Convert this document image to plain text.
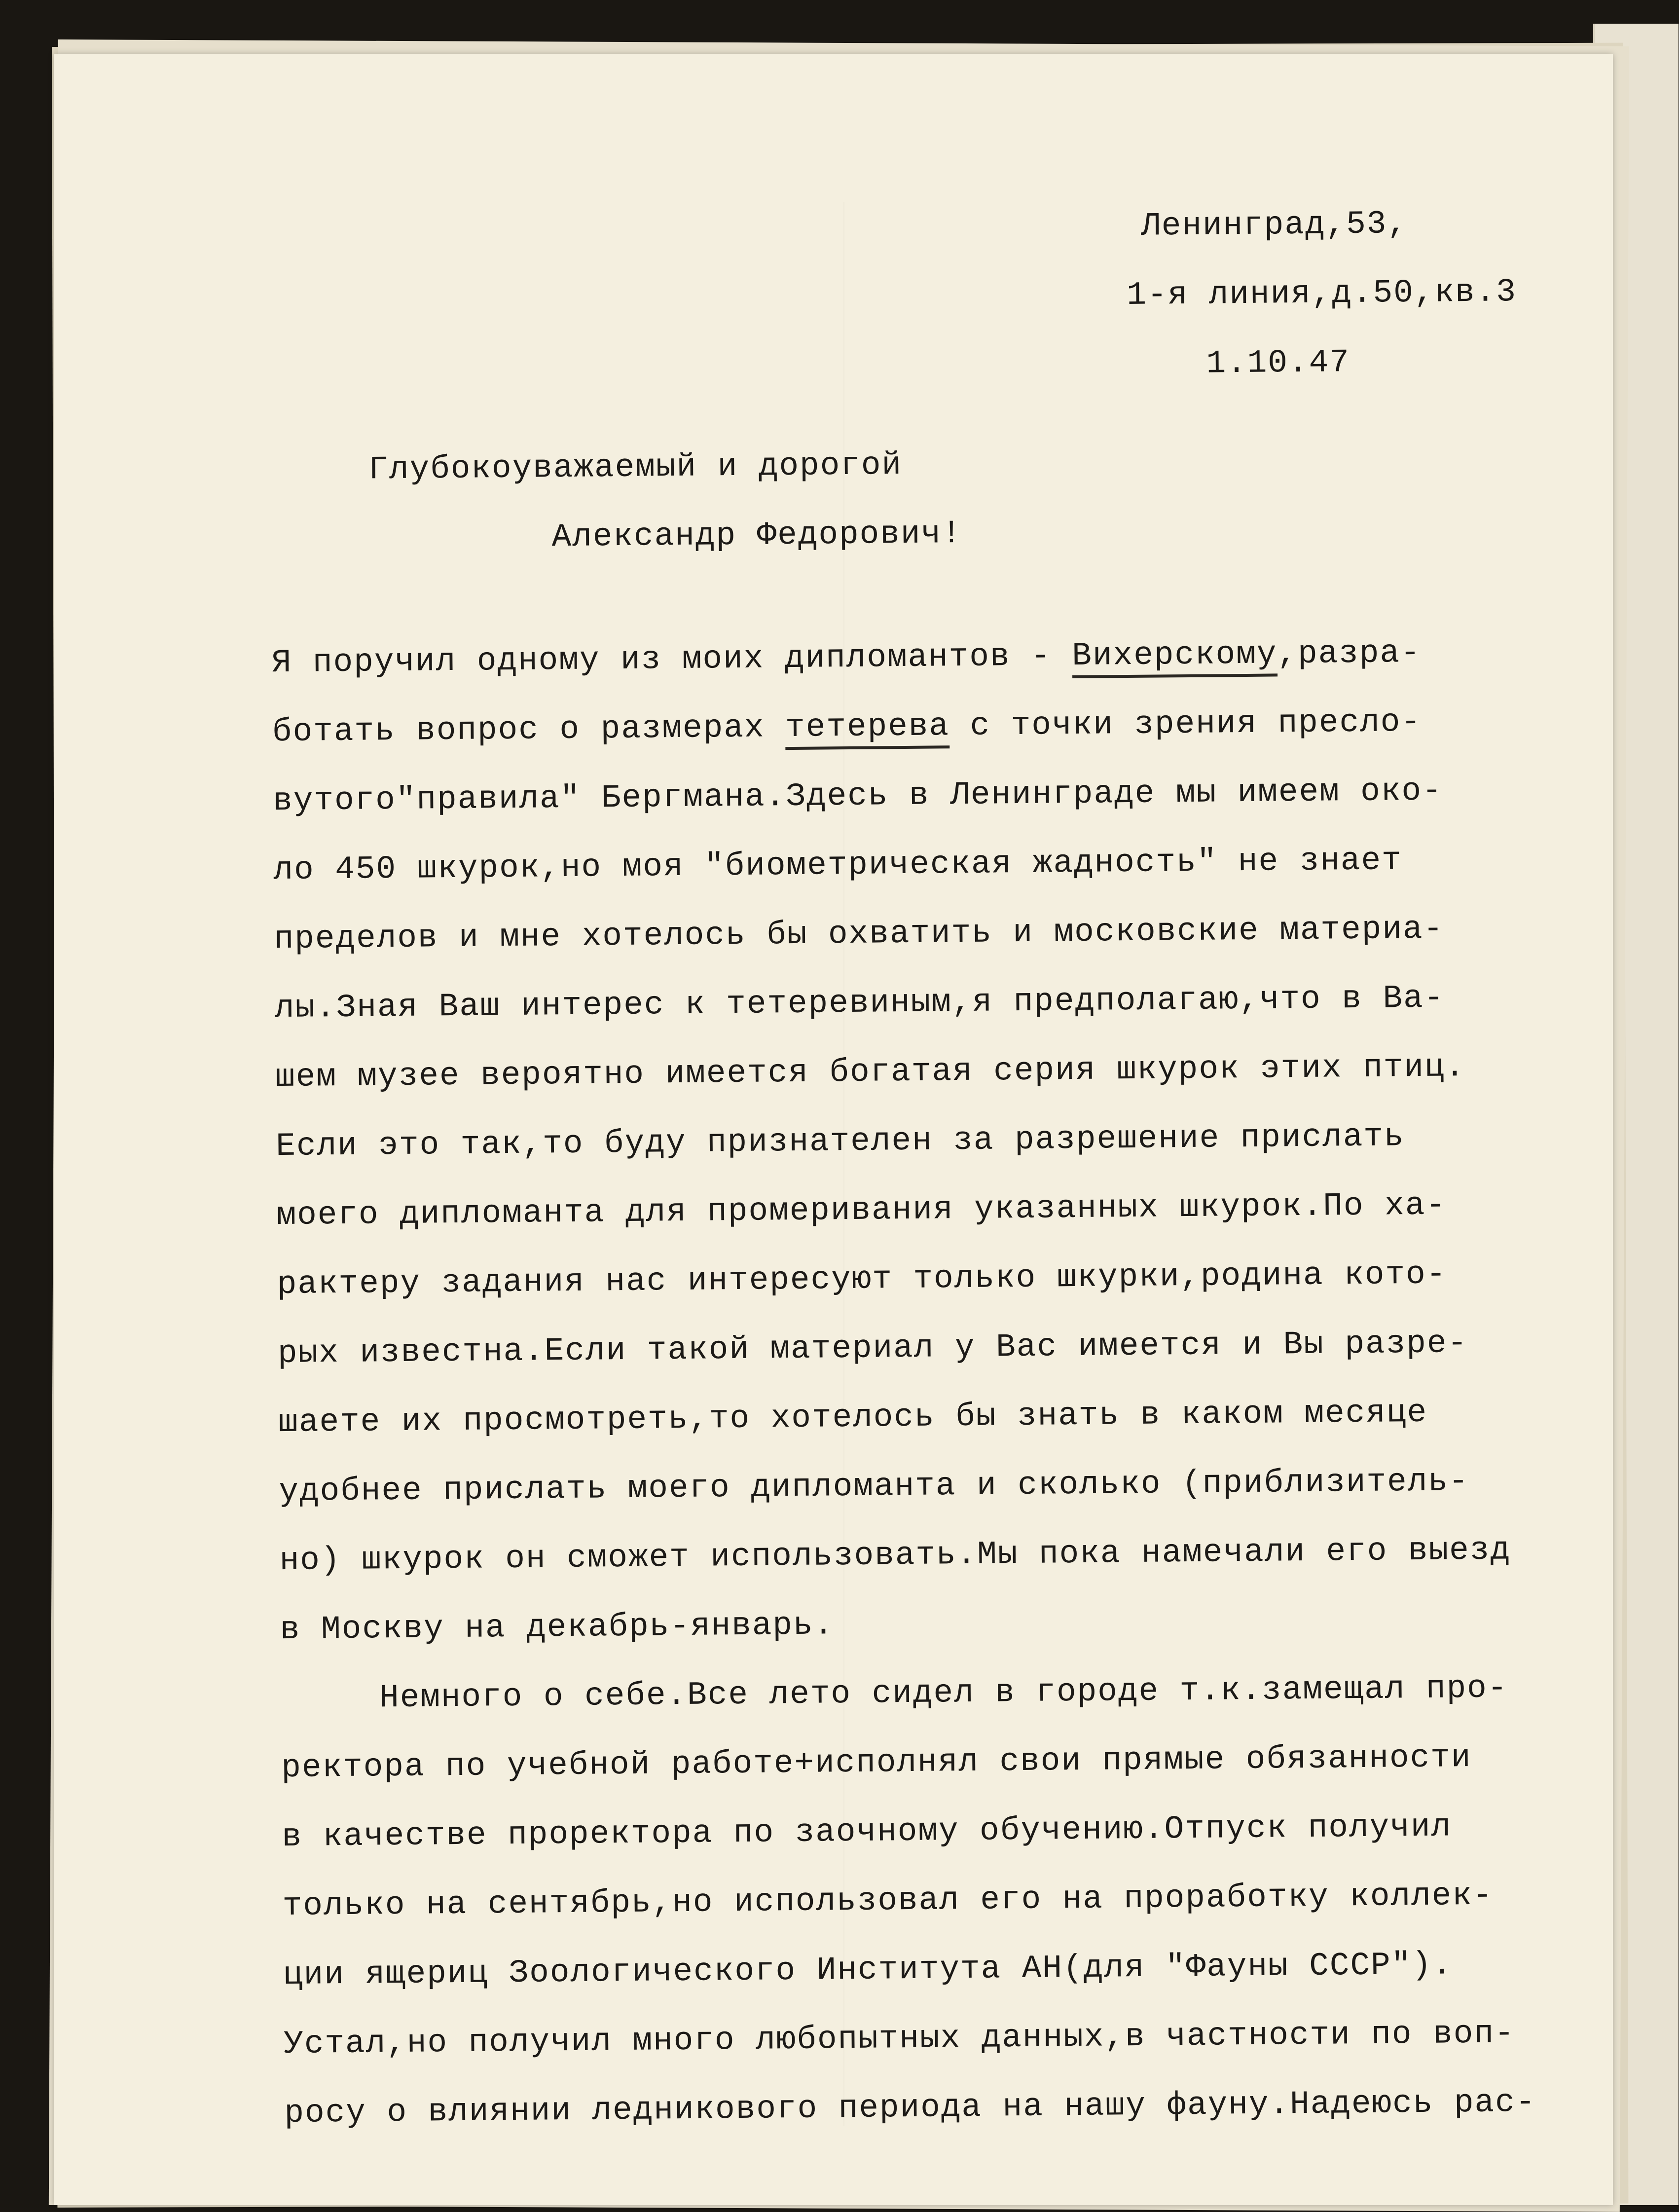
Ленинград,53,
1-я линия,д.50,кв.3
1.10.47
Глубокоуважаемый и дорогой
Александр Федорович!
Я поручил одному из моих дипломантов - Вихерскому,разра-
ботать вопрос о размерах тетерева с точки зрения пресло-
вутого"правила" Бергмана.Здесь в Ленинграде мы имеем око-
ло 450 шкурок,но моя "биометрическая жадность" не знает
пределов и мне хотелось бы охватить и московские материа-
лы.Зная Ваш интерес к тетеревиным,я предполагаю,что в Ва-
шем музее вероятно имеется богатая серия шкурок этих птиц.
Если это так,то буду признателен за разрешение прислать
моего дипломанта для промеривания указанных шкурок.По ха-
рактеру задания нас интересуют только шкурки,родина кото-
рых известна.Если такой материал у Вас имеется и Вы разре-
шаете их просмотреть,то хотелось бы знать в каком месяце
удобнее прислать моего дипломанта и сколько (приблизитель-
но) шкурок он сможет использовать.Мы пока намечали его выезд
в Москву на декабрь-январь.
Немного о себе.Все лето сидел в городе т.к.замещал про-
ректора по учебной работе+исполнял свои прямые обязанности
в качестве проректора по заочному обучению.Отпуск получил
только на сентябрь,но использовал его на проработку коллек-
ции ящериц Зоологического Института АН(для "Фауны СССР").
Устал,но получил много любопытных данных,в частности по воп-
росу о влиянии ледникового периода на нашу фауну.Надеюсь рас-
